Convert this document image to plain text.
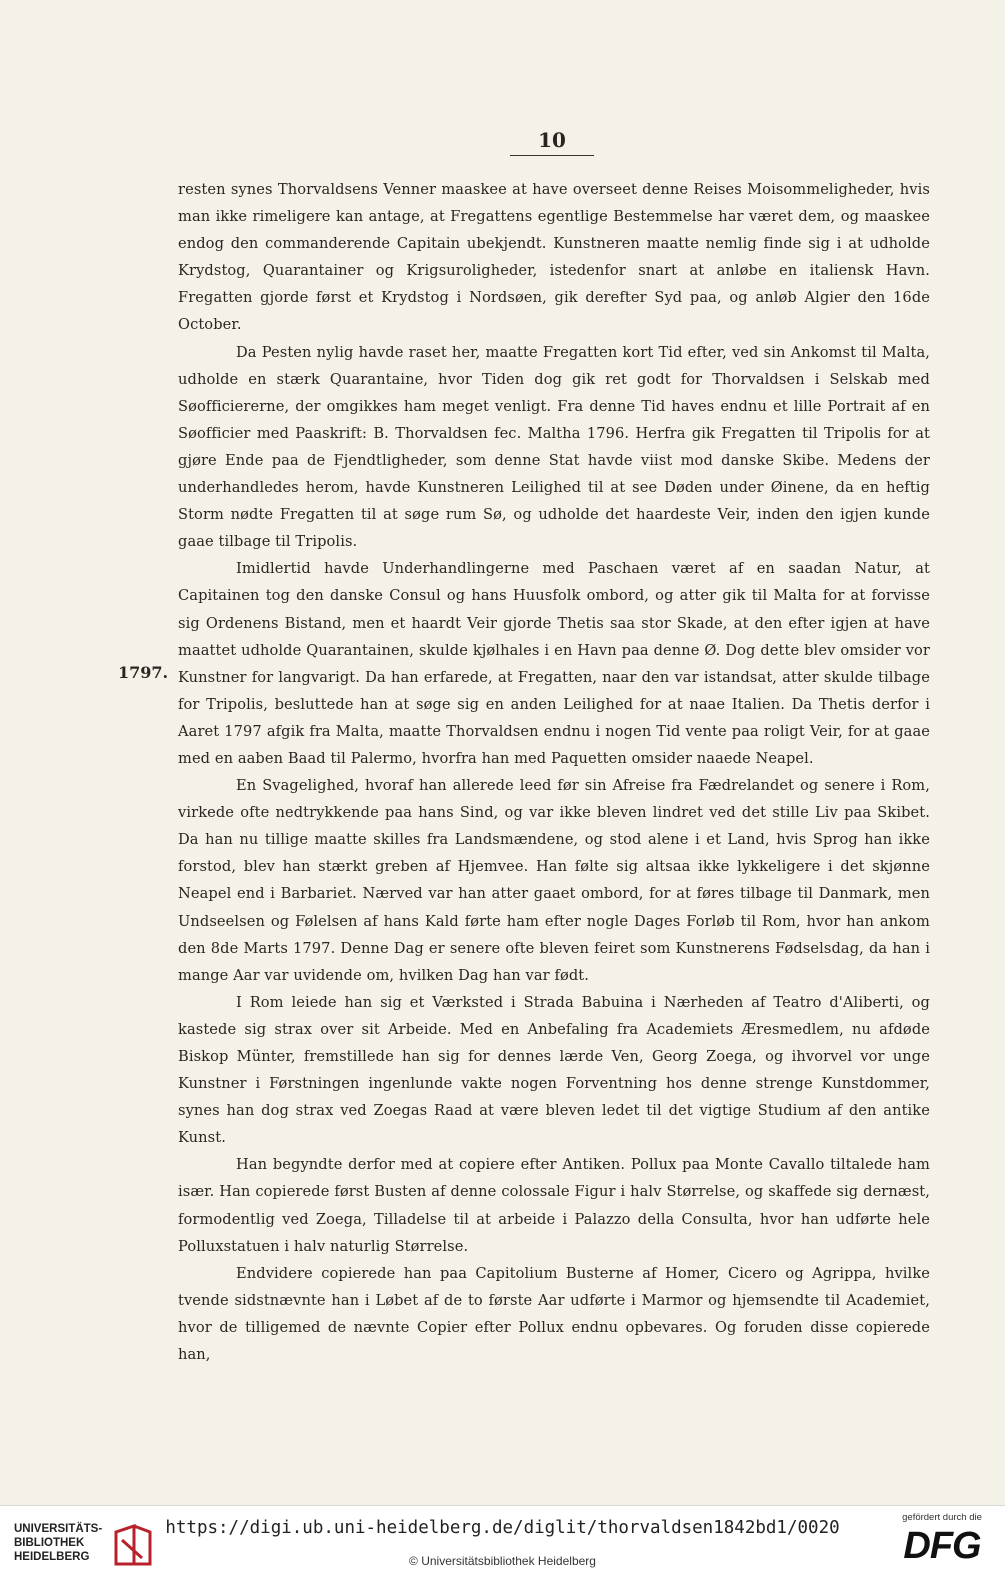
10
1797.

resten synes Thorvaldsens Venner maaskee at have overseet denne Reises Moisommeligheder, hvis man ikke rimeligere kan antage, at Fregattens egentlige Bestemmelse har været dem, og maaskee endog den commanderende Capitain ubekjendt. Kunstneren maatte nemlig finde sig i at udholde Krydstog, Quarantainer og Krigsuroligheder, istedenfor snart at anløbe en italiensk Havn. Fregatten gjorde først et Krydstog i Nordsøen, gik derefter Syd paa, og anløb Algier den 16de October.

Da Pesten nylig havde raset her, maatte Fregatten kort Tid efter, ved sin Ankomst til Malta, udholde en stærk Quarantaine, hvor Tiden dog gik ret godt for Thorvaldsen i Selskab med Søofficiererne, der omgikkes ham meget venligt. Fra denne Tid haves endnu et lille Portrait af en Søofficier med Paaskrift: B. Thorvaldsen fec. Maltha 1796. Herfra gik Fregatten til Tripolis for at gjøre Ende paa de Fjendtligheder, som denne Stat havde viist mod danske Skibe. Medens der underhandledes herom, havde Kunstneren Leilighed til at see Døden under Øinene, da en heftig Storm nødte Fregatten til at søge rum Sø, og udholde det haardeste Veir, inden den igjen kunde gaae tilbage til Tripolis.

Imidlertid havde Underhandlingerne med Paschaen været af en saadan Natur, at Capitainen tog den danske Consul og hans Huusfolk ombord, og atter gik til Malta for at forvisse sig Ordenens Bistand, men et haardt Veir gjorde Thetis saa stor Skade, at den efter igjen at have maattet udholde Quarantainen, skulde kjølhales i en Havn paa denne Ø. Dog dette blev omsider vor Kunstner for langvarigt. Da han erfarede, at Fregatten, naar den var istandsat, atter skulde tilbage for Tripolis, besluttede han at søge sig en anden Leilighed for at naae Italien. Da Thetis derfor i Aaret 1797 afgik fra Malta, maatte Thorvaldsen endnu i nogen Tid vente paa roligt Veir, for at gaae med en aaben Baad til Palermo, hvorfra han med Paquetten omsider naaede Neapel.

En Svagelighed, hvoraf han allerede leed før sin Afreise fra Fædrelandet og senere i Rom, virkede ofte nedtrykkende paa hans Sind, og var ikke bleven lindret ved det stille Liv paa Skibet. Da han nu tillige maatte skilles fra Landsmændene, og stod alene i et Land, hvis Sprog han ikke forstod, blev han stærkt greben af Hjemvee. Han følte sig altsaa ikke lykkeligere i det skjønne Neapel end i Barbariet. Nærved var han atter gaaet ombord, for at føres tilbage til Danmark, men Undseelsen og Følelsen af hans Kald førte ham efter nogle Dages Forløb til Rom, hvor han ankom den 8de Marts 1797. Denne Dag er senere ofte bleven feiret som Kunstnerens Fødselsdag, da han i mange Aar var uvidende om, hvilken Dag han var født.

I Rom leiede han sig et Værksted i Strada Babuina i Nærheden af Teatro d'Aliberti, og kastede sig strax over sit Arbeide. Med en Anbefaling fra Academiets Æresmedlem, nu afdøde Biskop Münter, fremstillede han sig for dennes lærde Ven, Georg Zoega, og ihvorvel vor unge Kunstner i Førstningen ingenlunde vakte nogen Forventning hos denne strenge Kunstdommer, synes han dog strax ved Zoegas Raad at være bleven ledet til det vigtige Studium af den antike Kunst.

Han begyndte derfor med at copiere efter Antiken. Pollux paa Monte Cavallo tiltalede ham især. Han copierede først Busten af denne colossale Figur i halv Størrelse, og skaffede sig dernæst, formodentlig ved Zoega, Tilladelse til at arbeide i Palazzo della Consulta, hvor han udførte hele Polluxstatuen i halv naturlig Størrelse.

Endvidere copierede han paa Capitolium Busterne af Homer, Cicero og Agrippa, hvilke tvende sidstnævnte han i Løbet af de to første Aar udførte i Marmor og hjemsendte til Academiet, hvor de tilligemed de nævnte Copier efter Pollux endnu opbevares. Og foruden disse copierede han,

UNIVERSITÄTS-
BIBLIOTHEK
HEIDELBERG
https://digi.ub.uni-heidelberg.de/diglit/thorvaldsen1842bd1/0020
© Universitätsbibliothek Heidelberg
gefördert durch die
DFG
